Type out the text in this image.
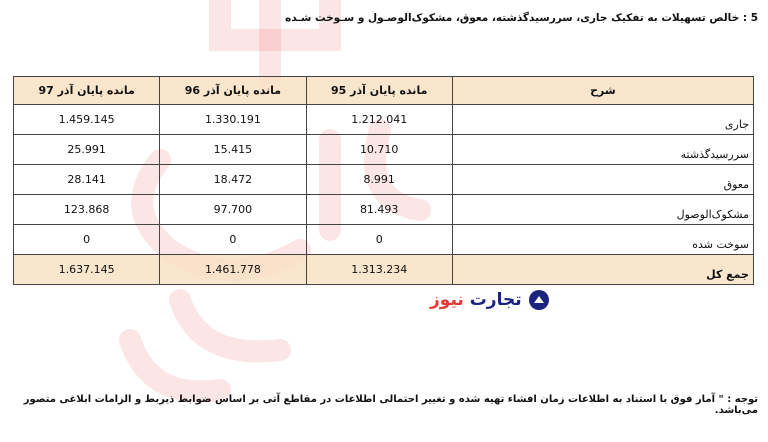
5 : خالص تسهیلات به تفکیک جاری، سررسیدگذشته، معوق، مشکوک‌الوصـول و سـوخت شـده
شرح	مانده پایان آذر 95	مانده پایان آذر 96	مانده پایان آذر 97
جاری	1.212.041	1.330.191	1.459.145
سررسیدگذشته	10.710	15.415	25.991
معوق	8.991	18.472	28.141
مشکوک‌الوصول	81.493	97.700	123.868
سوخت شده	0	0	0
جمع کل	1.313.234	1.461.778	1.637.145
تجارت نیوز
توجه : " آمار فوق با استناد به اطلاعات زمان افشاء تهیه شده و تغییر احتمالی اطلاعات در مقاطع آتی بر اساس ضوابط ذیربط و الزامات ابلاغی متصور می‌باشد.
